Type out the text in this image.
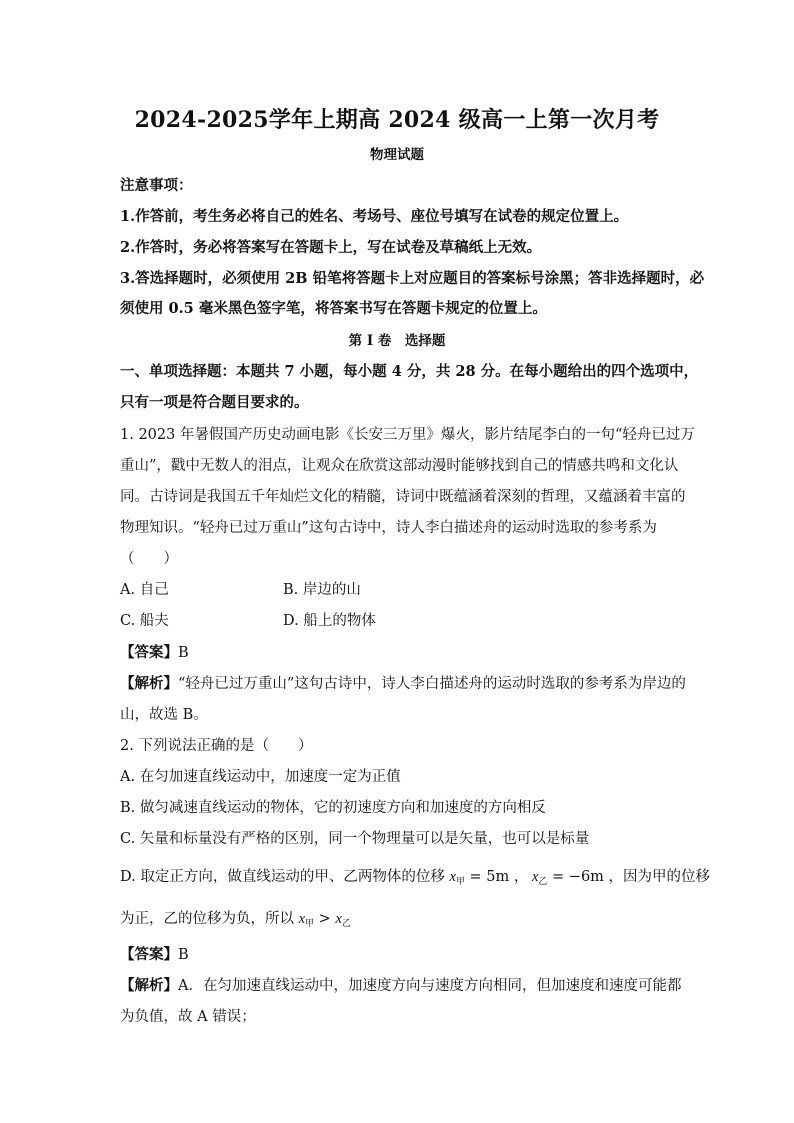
2024-2025学年上期高 2024 级高一上第一次月考
物理试题
注意事项：
1.作答前，考生务必将自己的姓名、考场号、座位号填写在试卷的规定位置上。
2.作答时，务必将答案写在答题卡上，写在试卷及草稿纸上无效。
3.答选择题时，必须使用 2B 铅笔将答题卡上对应题目的答案标号涂黑；答非选择题时，必
须使用 0.5 毫米黑色签字笔，将答案书写在答题卡规定的位置上。
第 I 卷　选择题
一、单项选择题：本题共 7 小题，每小题 4 分，共 28 分。在每小题给出的四个选项中，
只有一项是符合题目要求的。
1. 2023 年暑假国产历史动画电影《长安三万里》爆火，影片结尾李白的一句“轻舟已过万
重山”，戳中无数人的泪点，让观众在欣赏这部动漫时能够找到自己的情感共鸣和文化认
同。古诗词是我国五千年灿烂文化的精髓，诗词中既蕴涵着深刻的哲理，又蕴涵着丰富的
物理知识。“轻舟已过万重山”这句古诗中，诗人李白描述舟的运动时选取的参考系为
（　　）
A. 自己	B. 岸边的山
C. 船夫	D. 船上的物体
【答案】B
【解析】“轻舟已过万重山”这句古诗中，诗人李白描述舟的运动时选取的参考系为岸边的
山，故选 B。
2. 下列说法正确的是（　　）
A. 在匀加速直线运动中，加速度一定为正值
B. 做匀减速直线运动的物体，它的初速度方向和加速度的方向相反
C. 矢量和标量没有严格的区别，同一个物理量可以是矢量，也可以是标量
D. 取定正方向，做直线运动的甲、乙两物体的位移 $x_甲 = 5m$ ， $x_乙 = -6m$ ，因为甲的位移
为正，乙的位移为负，所以 $x_甲 > x_乙$
【答案】B
【解析】A．在匀加速直线运动中，加速度方向与速度方向相同，但加速度和速度可能都
为负值，故 A 错误；
